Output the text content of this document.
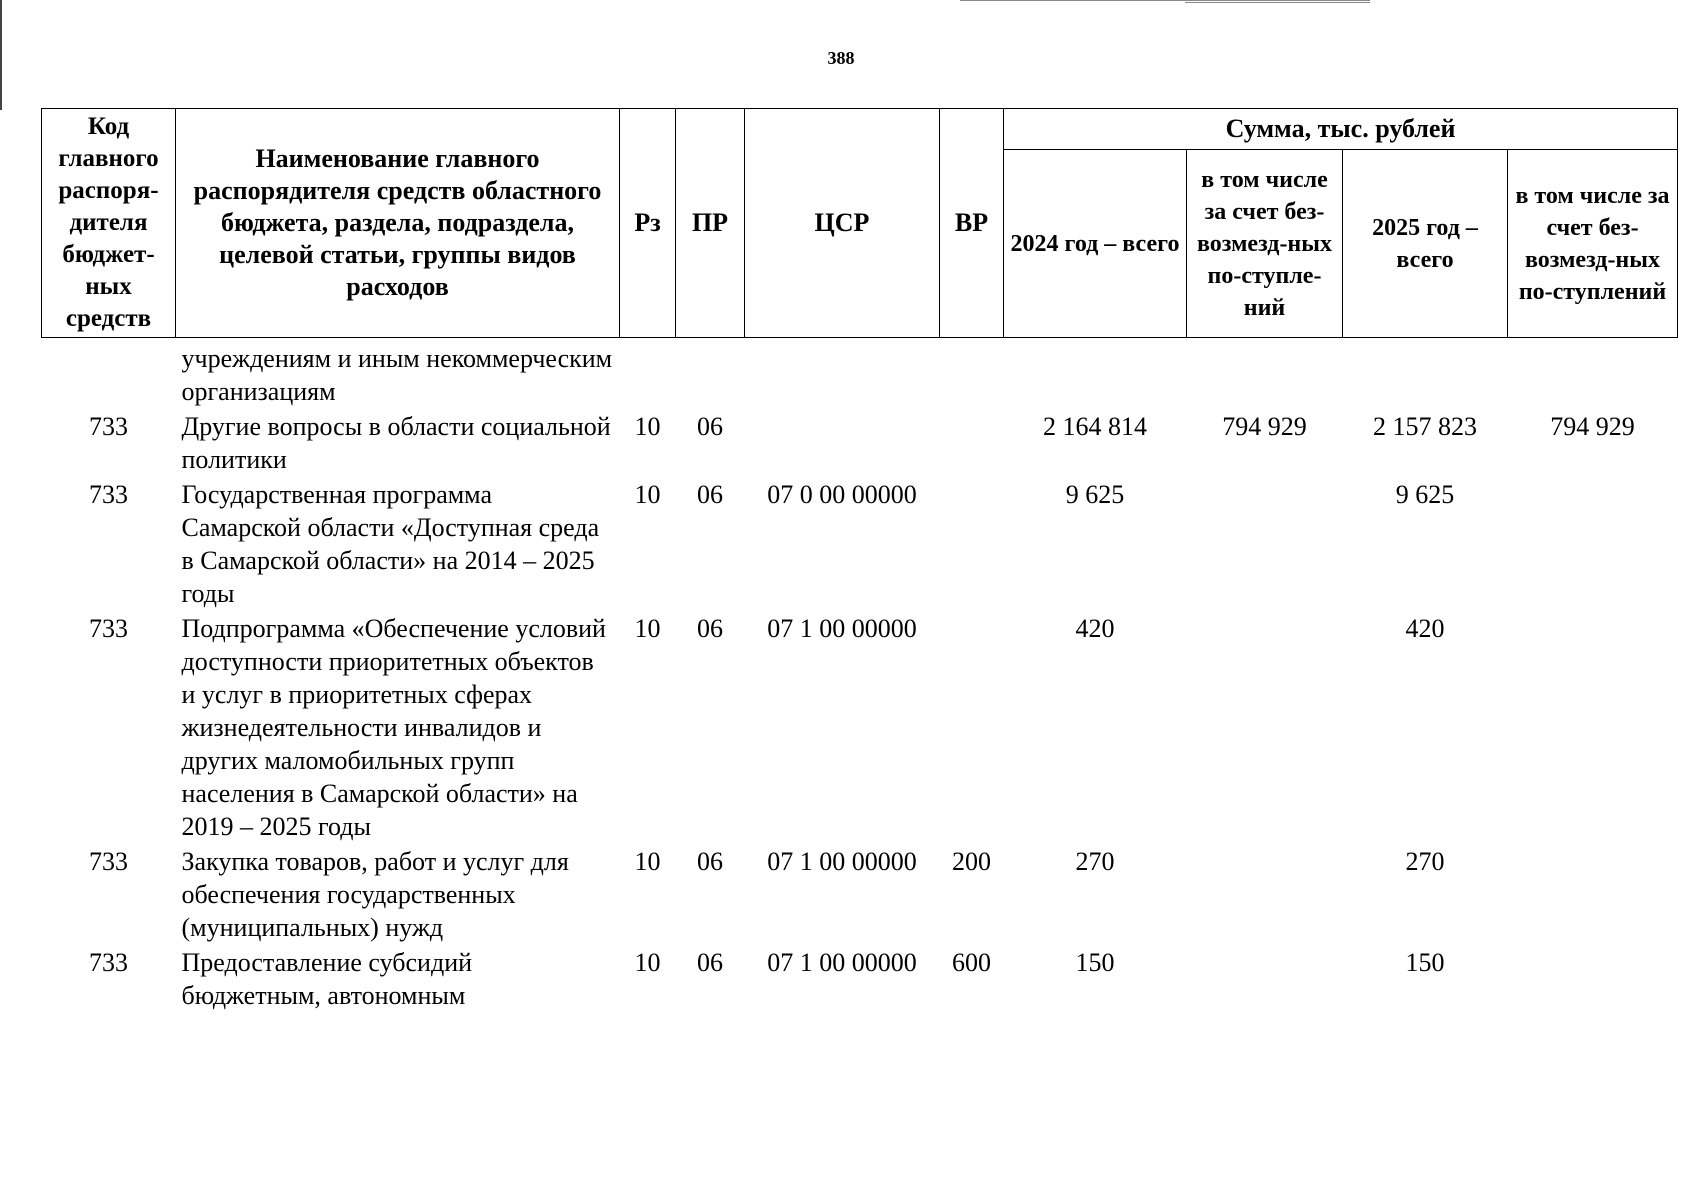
388
Код главного распоря-дителя бюджет-ных средств	Наименование главного распорядителя средств областного бюджета, раздела, подраздела, целевой статьи, группы видов расходов	Рз	ПР	ЦСР	ВР	Сумма, тыс. рублей			
						2024 год – всего	в том числе за счет без-возмезд-ных по-ступле-ний	2025 год – всего	в том числе за счет без-возмезд-ных по-ступлений
	учреждениям и иным некоммерческим организациям								
733	Другие вопросы в области социальной политики	10	06			2 164 814	794 929	2 157 823	794 929
733	Государственная программа Самарской области «Доступная среда в Самарской области» на 2014 – 2025 годы	10	06	07 0 00 00000		9 625		9 625	
733	Подпрограмма «Обеспечение условий доступности приоритетных объектов и услуг в приоритетных сферах жизнедеятельности инвалидов и других маломобильных групп населения в Самарской области» на 2019 – 2025 годы	10	06	07 1 00 00000		420		420	
733	Закупка товаров, работ и услуг для обеспечения государственных (муниципальных) нужд	10	06	07 1 00 00000	200	270		270	
733	Предоставление субсидий бюджетным, автономным	10	06	07 1 00 00000	600	150		150	
